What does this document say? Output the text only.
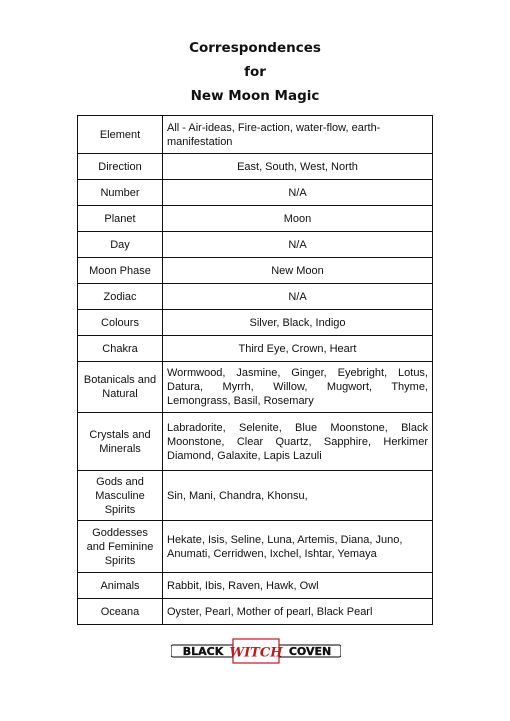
Correspondences
for
New Moon Magic
Element	All - Air-ideas, Fire-action, water-flow, earth-manifestation
Direction	East, South, West, North
Number	N/A
Planet	Moon
Day	N/A
Moon Phase	New Moon
Zodiac	N/A
Colours	Silver, Black, Indigo
Chakra	Third Eye, Crown, Heart
Botanicals and Natural	Wormwood, Jasmine, Ginger, Eyebright, Lotus, Datura, Myrrh, Willow, Mugwort, Thyme, Lemongrass, Basil, Rosemary
Crystals and Minerals	Labradorite, Selenite, Blue Moonstone, Black Moonstone, Clear Quartz, Sapphire, Herkimer Diamond, Galaxite, Lapis Lazuli
Gods and Masculine Spirits	Sin, Mani, Chandra, Khonsu,
Goddesses and Feminine Spirits	Hekate, Isis, Seline, Luna, Artemis, Diana, Juno, Anumati, Cerridwen, Ixchel, Ishtar, Yemaya
Animals	Rabbit, Ibis, Raven, Hawk, Owl
Oceana	Oyster, Pearl, Mother of pearl, Black Pearl
BLACK WITCH COVEN
